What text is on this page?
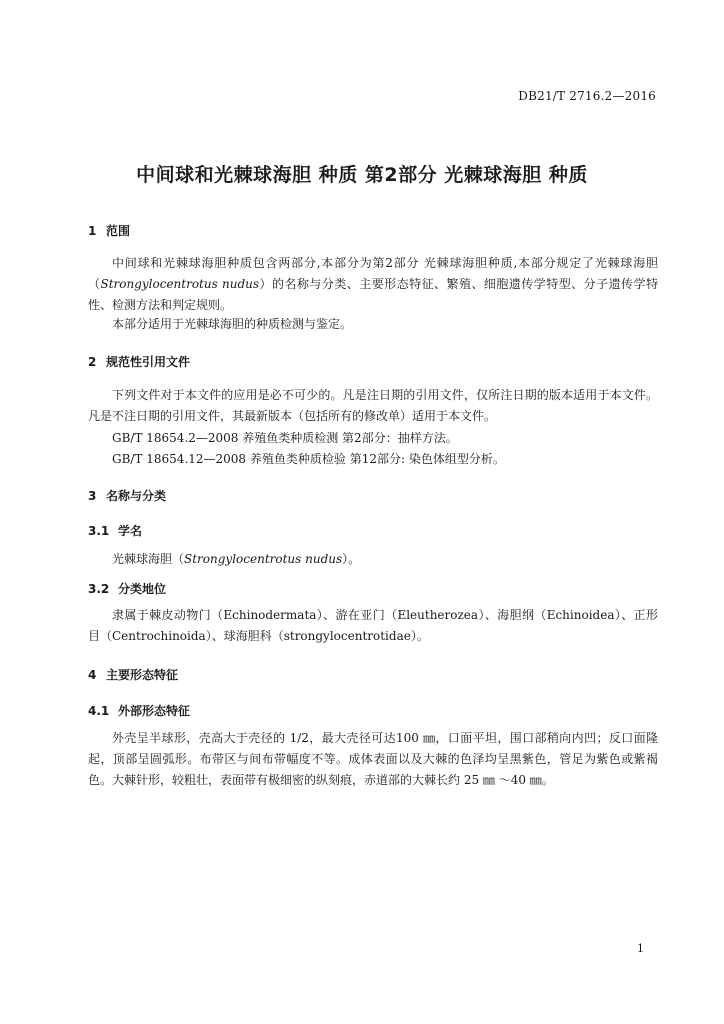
DB21/T 2716.2—2016
中间球和光棘球海胆 种质 第2部分 光棘球海胆 种质
1 范围
中间球和光棘球海胆种质包含两部分,本部分为第2部分 光棘球海胆种质,本部分规定了光棘球海胆（Strongylocentrotus nudus）的名称与分类、主要形态特征、繁殖、细胞遗传学特型、分子遗传学特性、检测方法和判定规则。
本部分适用于光棘球海胆的种质检测与鉴定。
2 规范性引用文件
下列文件对于本文件的应用是必不可少的。凡是注日期的引用文件，仅所注日期的版本适用于本文件。凡是不注日期的引用文件，其最新版本（包括所有的修改单）适用于本文件。
GB/T 18654.2—2008 养殖鱼类种质检测 第2部分：抽样方法。
GB/T 18654.12—2008 养殖鱼类种质检验 第12部分: 染色体组型分析。
3 名称与分类
3.1 学名
光棘球海胆（Strongylocentrotus nudus）。
3.2 分类地位
隶属于棘皮动物门（Echinodermata）、游在亚门（Eleutherozea）、海胆纲（Echinoidea）、正形目（Centrochinoida）、球海胆科（strongylocentrotidae）。
4 主要形态特征
4.1 外部形态特征
外壳呈半球形，壳高大于壳径的 1/2，最大壳径可达100 ㎜，口面平坦，围口部稍向内凹；反口面隆起，顶部呈圆弧形。布带区与间布带幅度不等。成体表面以及大棘的色泽均呈黑紫色，管足为紫色或紫褐色。大棘针形，较粗壮，表面带有极细密的纵刻痕，赤道部的大棘长约 25 ㎜ ～40 ㎜。
1
